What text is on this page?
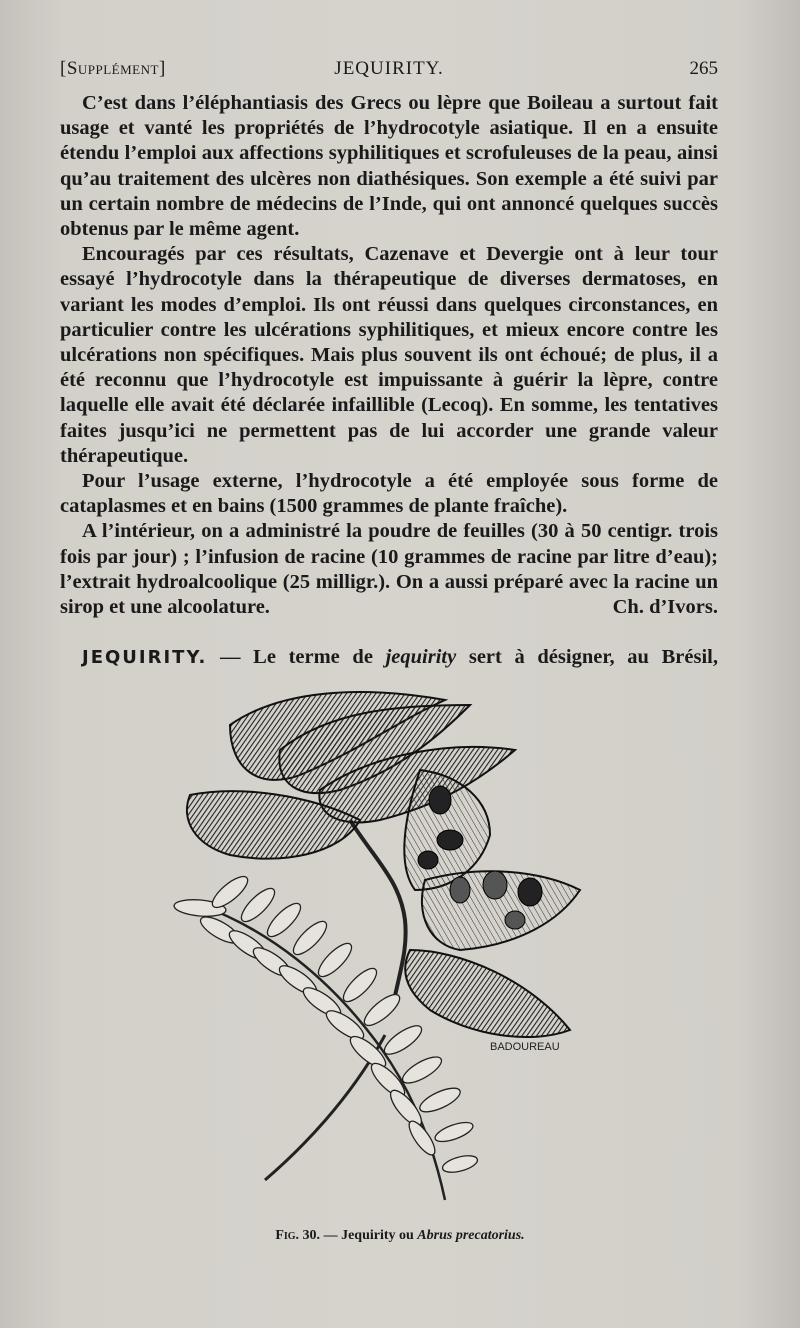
[Supplément]	JEQUIRITY.	265

C’est dans l’éléphantiasis des Grecs ou lèpre que Boileau a surtout fait usage et vanté les propriétés de l’hydrocotyle asiatique. Il en a ensuite étendu l’emploi aux affections syphilitiques et scrofuleuses de la peau, ainsi qu’au traitement des ulcères non diathésiques. Son exemple a été suivi par un certain nombre de médecins de l’Inde, qui ont annoncé quelques succès obtenus par le même agent.

Encouragés par ces résultats, Cazenave et Devergie ont à leur tour essayé l’hydrocotyle dans la thérapeutique de diverses dermatoses, en variant les modes d’emploi. Ils ont réussi dans quelques circonstances, en particulier contre les ulcérations syphilitiques, et mieux encore contre les ulcérations non spécifiques. Mais plus souvent ils ont échoué; de plus, il a été reconnu que l’hydrocotyle est impuissante à guérir la lèpre, contre laquelle elle avait été déclarée infaillible (Lecoq). En somme, les tentatives faites jusqu’ici ne permettent pas de lui accorder une grande valeur thérapeutique.

Pour l’usage externe, l’hydrocotyle a été employée sous forme de cataplasmes et en bains (1500 grammes de plante fraîche).

A l’intérieur, on a administré la poudre de feuilles (30 à 50 centigr. trois fois par jour) ; l’infusion de racine (10 grammes de racine par litre d’eau); l’extrait hydroalcoolique (25 milligr.). On a aussi préparé avec la racine un sirop et une alcoolature.	Ch. d’Ivors.

JEQUIRITY. — Le terme de jequirity sert à désigner, au Brésil,
BADOUREAU
Fig. 30. — Jequirity ou Abrus precatorius.
